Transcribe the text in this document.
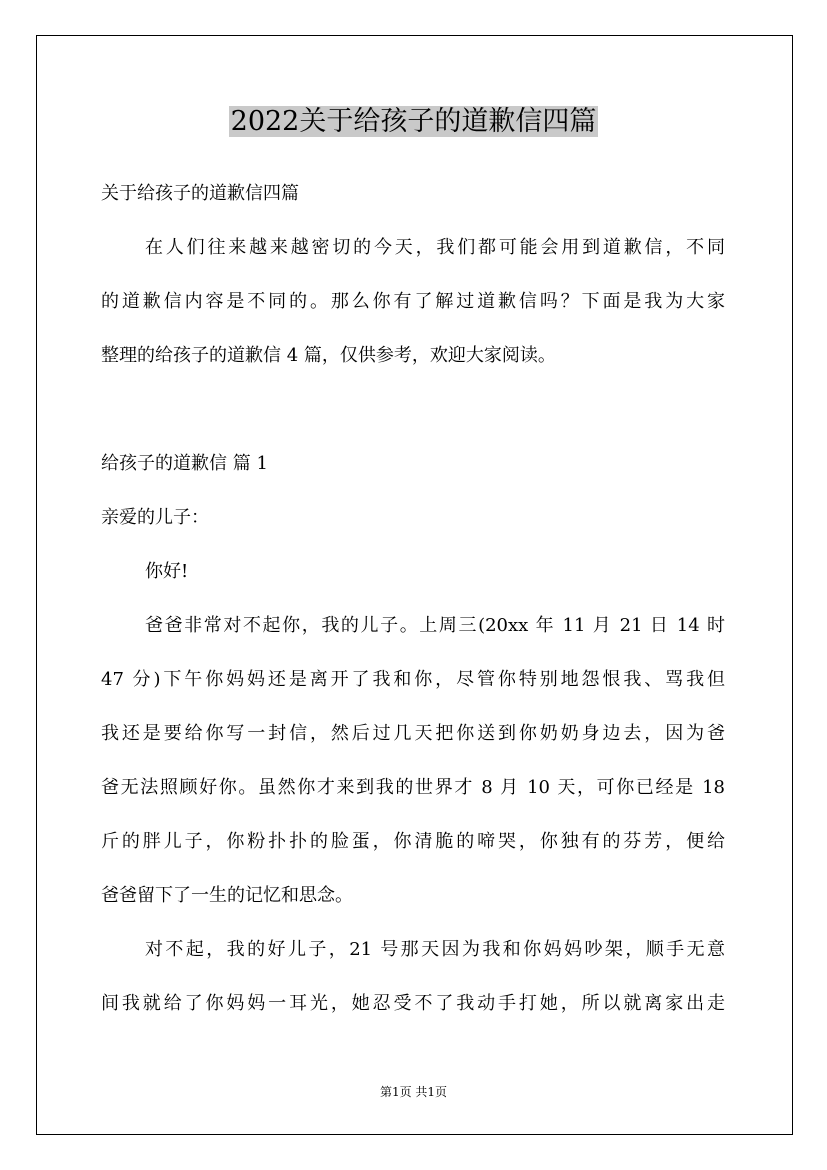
2022关于给孩子的道歉信四篇
关于给孩子的道歉信四篇
在人们往来越来越密切的今天，我们都可能会用到道歉信，不同
的道歉信内容是不同的。那么你有了解过道歉信吗？下面是我为大家
整理的给孩子的道歉信 4 篇，仅供参考，欢迎大家阅读。
给孩子的道歉信 篇 1
亲爱的儿子：
你好!
爸爸非常对不起你，我的儿子。上周三(20xx 年 11 月 21 日 14 时
47 分)下午你妈妈还是离开了我和你，尽管你特别地怨恨我、骂我但
我还是要给你写一封信，然后过几天把你送到你奶奶身边去，因为爸
爸无法照顾好你。虽然你才来到我的世界才 8 月 10 天，可你已经是 18
斤的胖儿子，你粉扑扑的脸蛋，你清脆的啼哭，你独有的芬芳，便给
爸爸留下了一生的记忆和思念。
对不起，我的好儿子，21 号那天因为我和你妈妈吵架，顺手无意
间我就给了你妈妈一耳光，她忍受不了我动手打她，所以就离家出走
第1页 共1页
